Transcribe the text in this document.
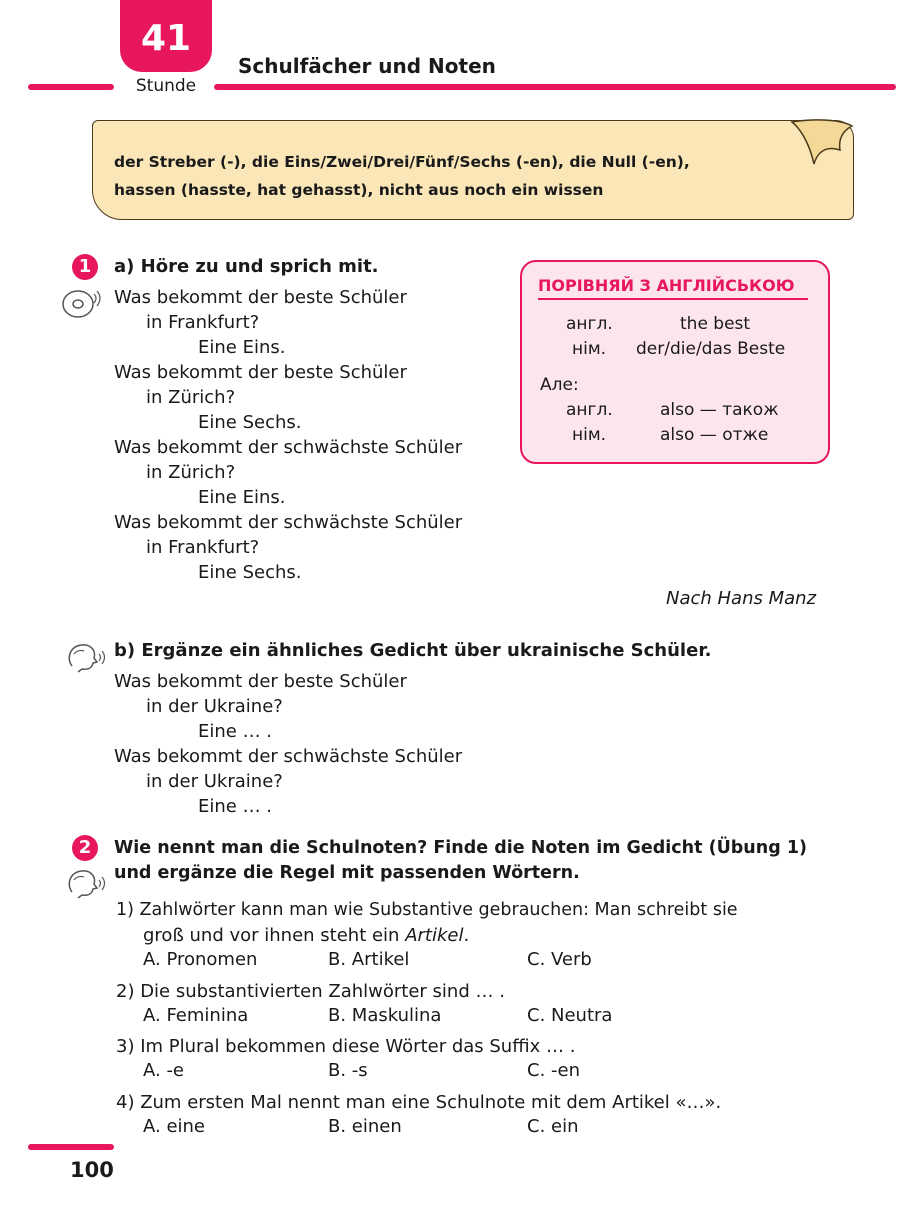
41
Stunde
Schulfächer und Noten
der Streber (-), die Eins/Zwei/Drei/Fünf/Sechs (-en), die Null (-en),
hassen (hasste, hat gehasst), nicht aus noch ein wissen
1	a) Höre zu und sprich mit.
Was bekommt der beste Schüler
in Frankfurt?
Eine Eins.
Was bekommt der beste Schüler
in Zürich?
Eine Sechs.
Was bekommt der schwächste Schüler
in Zürich?
Eine Eins.
Was bekommt der schwächste Schüler
in Frankfurt?
Eine Sechs.
Nach Hans Manz
ПОРІВНЯЙ З АНГЛІЙСЬКОЮ
англ.	the best
нім. der/die/das Beste
Але:
англ.	also — також
нім.	also — отже
b) Ergänze ein ähnliches Gedicht über ukrainische Schüler.
Was bekommt der beste Schüler
in der Ukraine?
Eine … .
Was bekommt der schwächste Schüler
in der Ukraine?
Eine … .
2	Wie nennt man die Schulnoten? Finde die Noten im Gedicht (Übung 1)
und ergänze die Regel mit passenden Wörtern.
1) Zahlwörter kann man wie Substantive gebrauchen: Man schreibt sie
groß und vor ihnen steht ein Artikel.
A. Pronomen	B. Artikel	C. Verb
2) Die substantivierten Zahlwörter sind … .
A. Feminina	B. Maskulina	C. Neutra
3) Im Plural bekommen diese Wörter das Suffix … .
A. -e	B. -s	C. -en
4) Zum ersten Mal nennt man eine Schulnote mit dem Artikel «…».
A. eine	B. einen	C. ein
100
